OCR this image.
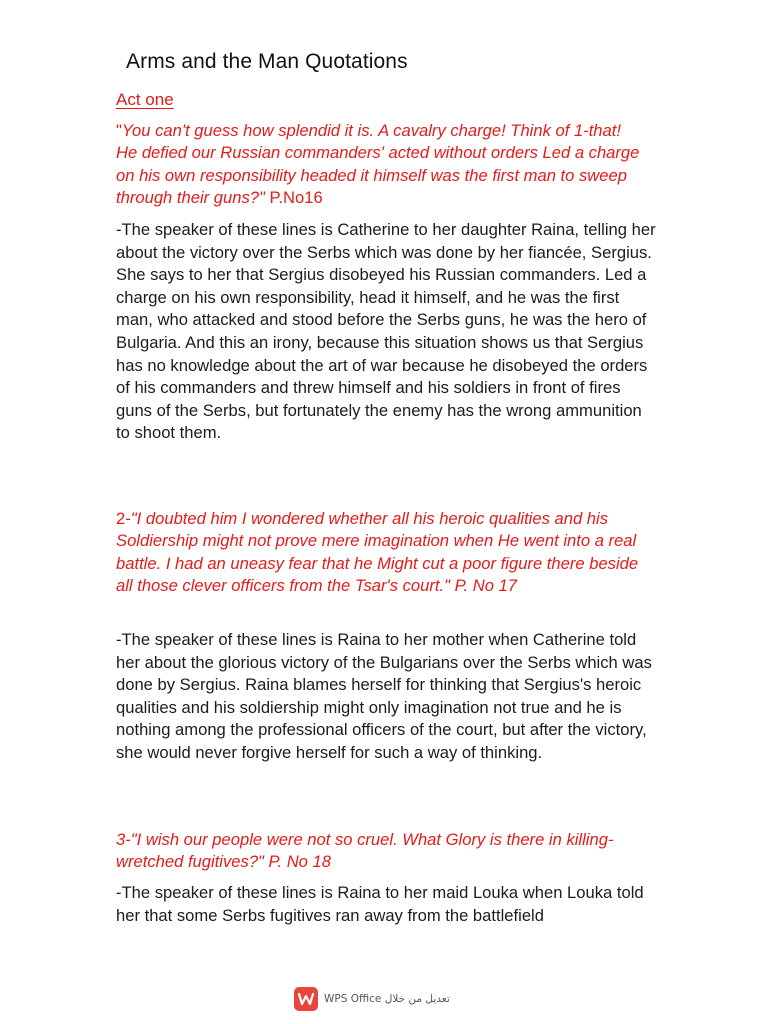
Arms and the Man Quotations
Act one
"You can't guess how splendid it is. A cavalry charge! Think of 1-that! He defied our Russian commanders' acted without orders Led a charge on his own responsibility headed it himself was the first man to sweep through their guns?" P.No16
-The speaker of these lines is Catherine to her daughter Raina, telling her about the victory over the Serbs which was done by her fiancée, Sergius. She says to her that Sergius disobeyed his Russian commanders. Led a charge on his own responsibility, head it himself, and he was the first man, who attacked and stood before the Serbs guns, he was the hero of Bulgaria. And this an irony, because this situation shows us that Sergius has no knowledge about the art of war because he disobeyed the orders of his commanders and threw himself and his soldiers in front of fires guns of the Serbs, but fortunately the enemy has the wrong ammunition to shoot them.
2-"I doubted him I wondered whether all his heroic qualities and his Soldiership might not prove mere imagination when He went into a real battle. I had an uneasy fear that he Might cut a poor figure there beside all those clever officers from the Tsar's court." P. No 17
-The speaker of these lines is Raina to her mother when Catherine told her about the glorious victory of the Bulgarians over the Serbs which was done by Sergius. Raina blames herself for thinking that Sergius's heroic qualities and his soldiership might only imagination not true and he is nothing among the professional officers of the court, but after the victory, she would never forgive herself for such a way of thinking.
3-"I wish our people were not so cruel. What Glory is there in killing-wretched fugitives?" P. No 18
-The speaker of these lines is Raina to her maid Louka when Louka told her that some Serbs fugitives ran away from the battlefield
WPS Office تعديل من خلال
